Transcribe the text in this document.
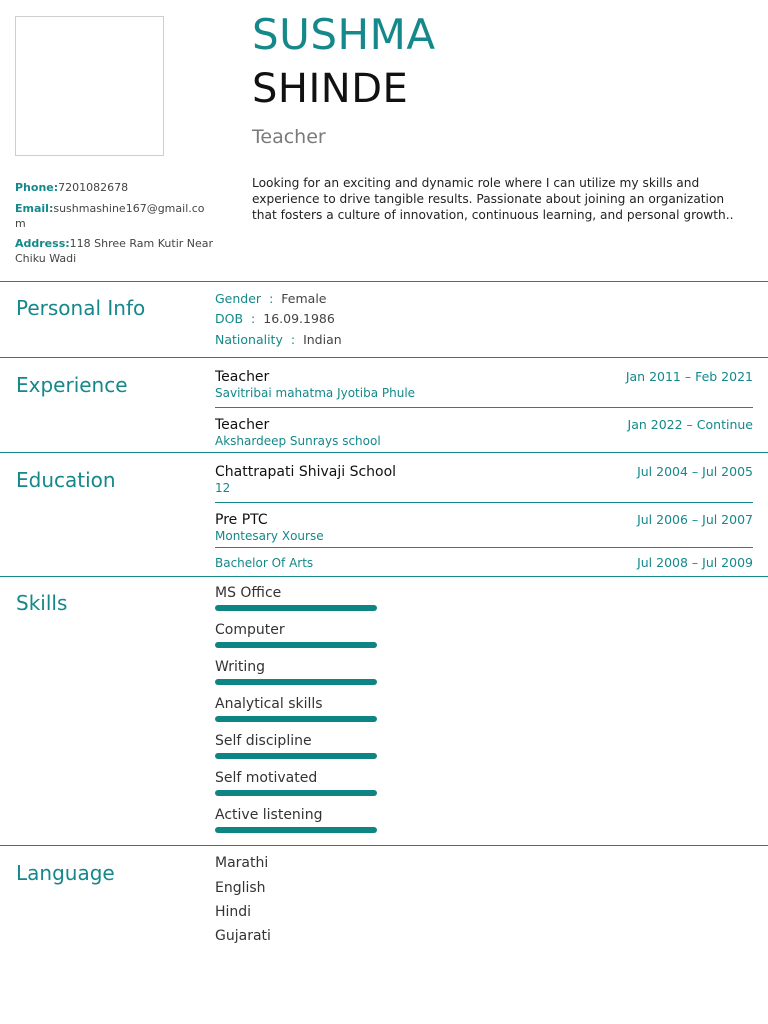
SUSHMA
SHINDE
Teacher
Phone:7201082678
Email:sushmashine167@gmail.com
Address:118 Shree Ram Kutir Near Chiku Wadi
Looking for an exciting and dynamic role where I can utilize my skills and experience to drive tangible results. Passionate about joining an organization that fosters a culture of innovation, continuous learning, and personal growth..
Personal Info	Gender : Female
DOB : 16.09.1986
Nationality : Indian
Experience	Teacher
Savitribai mahatma Jyotiba Phule
Jan 2011 – Feb 2021
Teacher
Akshardeep Sunrays school
Jan 2022 – Continue
Education	Chattrapati Shivaji School
12
Jul 2004 – Jul 2005
Pre PTC
Montesary Xourse
Jul 2006 – Jul 2007
Bachelor Of Arts	Jul 2008 – Jul 2009
Skills	MS Office
Computer
Writing
Analytical skills
Self discipline
Self motivated
Active listening
Language	Marathi
English
Hindi
Gujarati
